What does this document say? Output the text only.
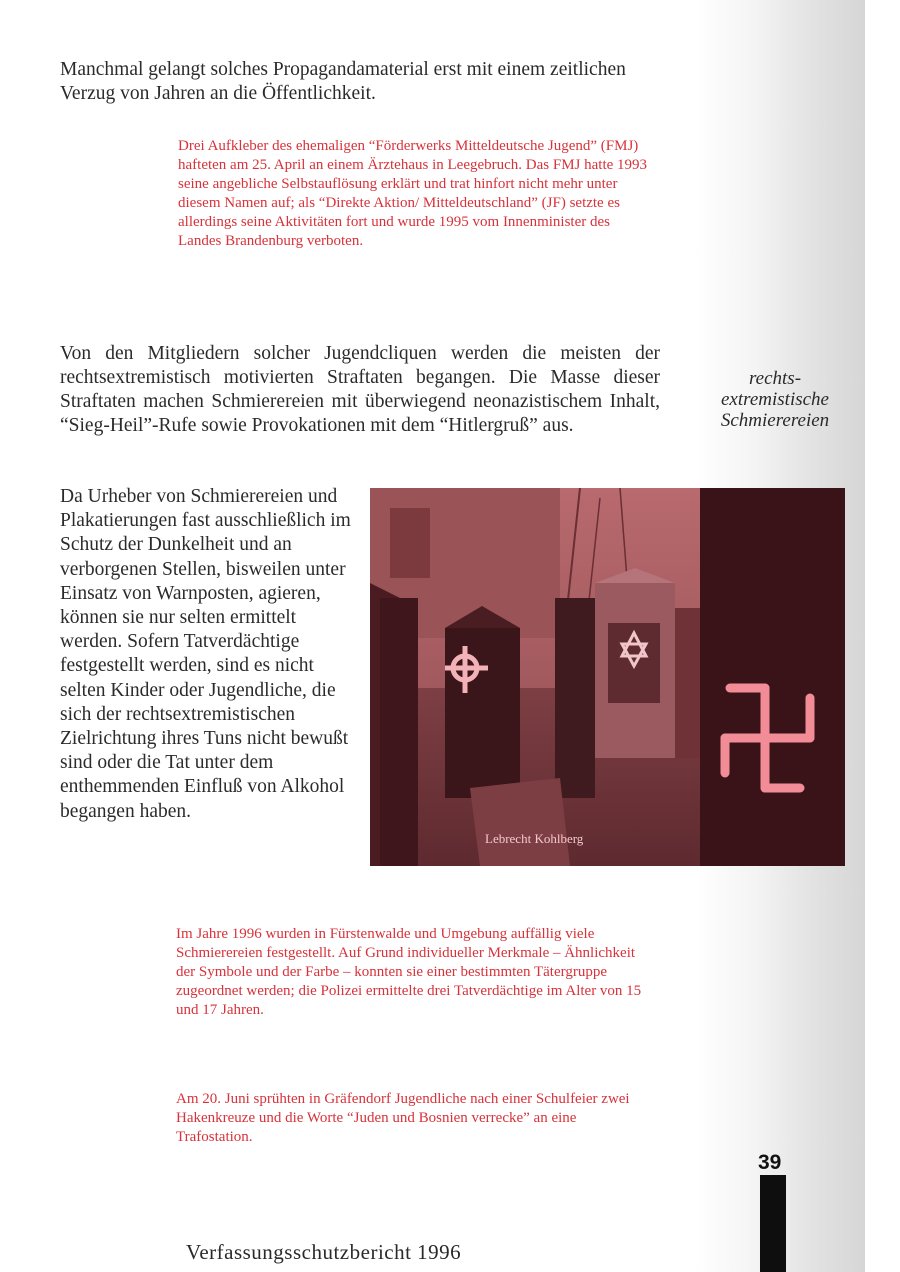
Manchmal gelangt solches Propagandamaterial erst mit einem zeitlichen Verzug von Jahren an die Öffentlichkeit.

Drei Aufkleber des ehemaligen “Förderwerks Mitteldeutsche Jugend” (FMJ) hafteten am 25. April an einem Ärztehaus in Leegebruch. Das FMJ hatte 1993 seine angebliche Selbstauflösung erklärt und trat hinfort nicht mehr unter diesem Namen auf; als “Direkte Aktion/ Mitteldeutschland” (JF) setzte es allerdings seine Aktivitäten fort und wurde 1995 vom Innenminister des Landes Brandenburg verboten.

Von den Mitgliedern solcher Jugendcliquen werden die meisten der rechtsextremistisch motivierten Straftaten begangen. Die Masse dieser Straftaten machen Schmierereien mit überwiegend neonazistischem Inhalt, “Sieg-Heil”-Rufe sowie Provokationen mit dem “Hitlergruß” aus.

rechts-extremistische Schmierereien

Da Urheber von Schmierereien und Plakatierungen fast ausschließlich im Schutz der Dunkelheit und an verborgenen Stellen, bisweilen unter Einsatz von Warnposten, agieren, können sie nur selten ermittelt werden. Sofern Tatverdächtige festgestellt werden, sind es nicht selten Kinder oder Jugendliche, die sich der rechtsextremistischen Zielrichtung ihres Tuns nicht bewußt sind oder die Tat unter dem enthemmenden Einfluß von Alkohol begangen haben.

Lebrecht Kohlberg

Im Jahre 1996 wurden in Fürstenwalde und Umgebung auffällig viele Schmierereien festgestellt. Auf Grund individueller Merkmale – Ähnlichkeit der Symbole und der Farbe – konnten sie einer bestimmten Tätergruppe zugeordnet werden; die Polizei ermittelte drei Tatverdächtige im Alter von 15 und 17 Jahren.

Am 20. Juni sprühten in Gräfendorf Jugendliche nach einer Schulfeier zwei Hakenkreuze und die Worte “Juden und Bosnien verrecke” an eine Trafostation.

39
Verfassungsschutzbericht 1996
